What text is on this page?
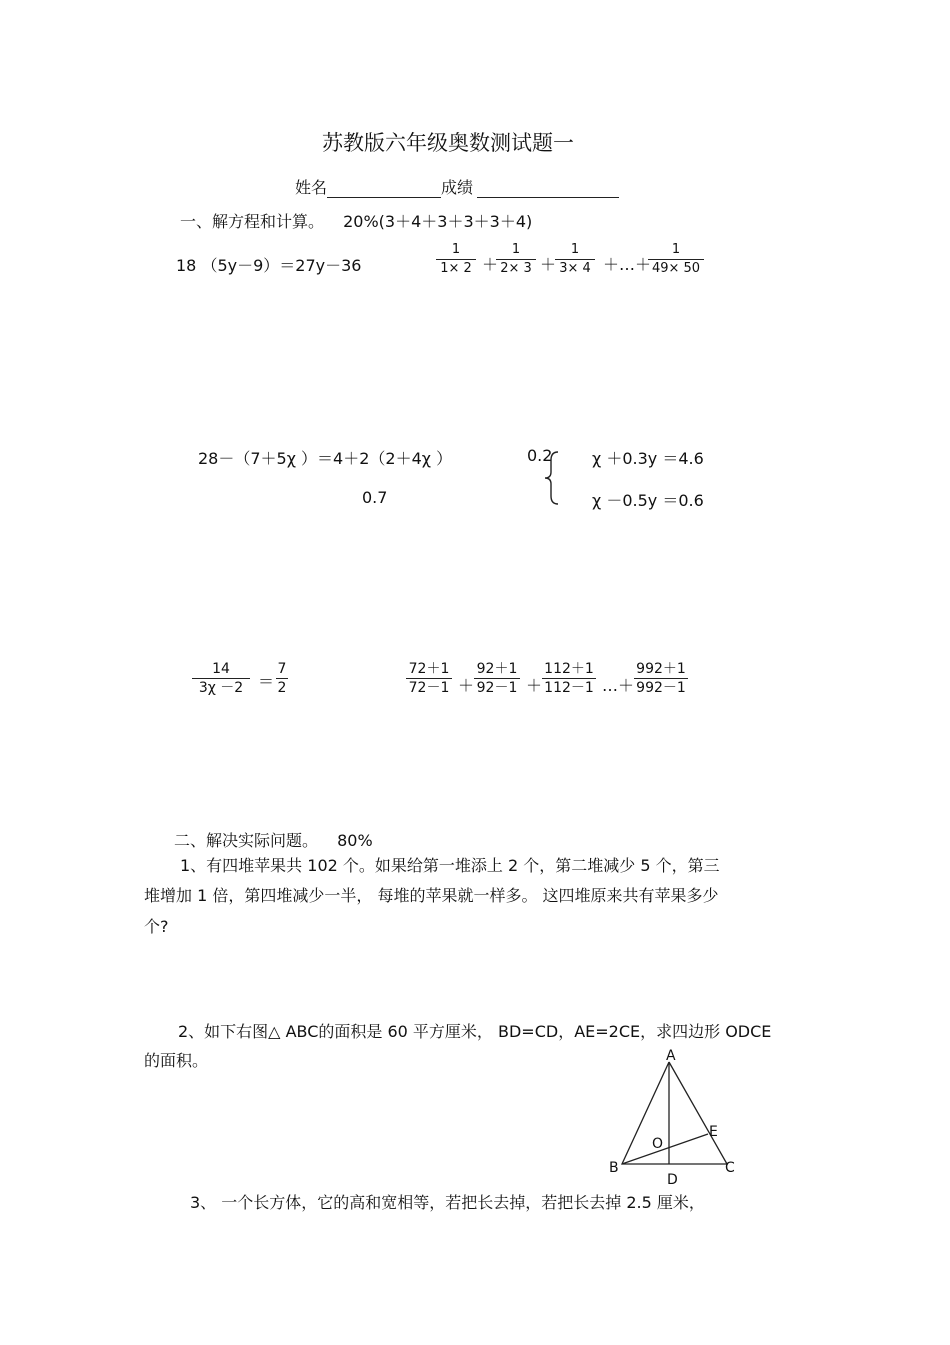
苏教版六年级奥数测试题一
姓名	成绩
一、解方程和计算。 20%(3＋4＋3＋3＋3＋4)
18 （5y－9）＝27y－36
1
1× 2 ＋
1
2× 3 ＋
1
3× 4 ＋…＋
1
49× 50
28－（7＋5χ ）＝4＋2（2＋4χ ）	0.2
0.7
χ ＋0.3y ＝4.6
χ －0.5y ＝0.6
14
3χ －2 ＝
7
2
72＋1
72－1 ＋
92＋1
92－1 ＋
112＋1
112－1 …＋
992＋1
992－1
二、解决实际问题。 80%
1、有四堆苹果共 102 个。如果给第一堆添上 2 个，第二堆减少 5 个，第三
堆增加 1 倍，第四堆减少一半， 每堆的苹果就一样多。 这四堆原来共有苹果多少
个?
2、如下右图△ ABC的面积是 60 平方厘米， BD=CD，AE=2CE，求四边形 ODCE
的面积。	A
B	C
D
E
O
3、 一个长方体，它的高和宽相等，若把长去掉，若把长去掉 2.5 厘米，
